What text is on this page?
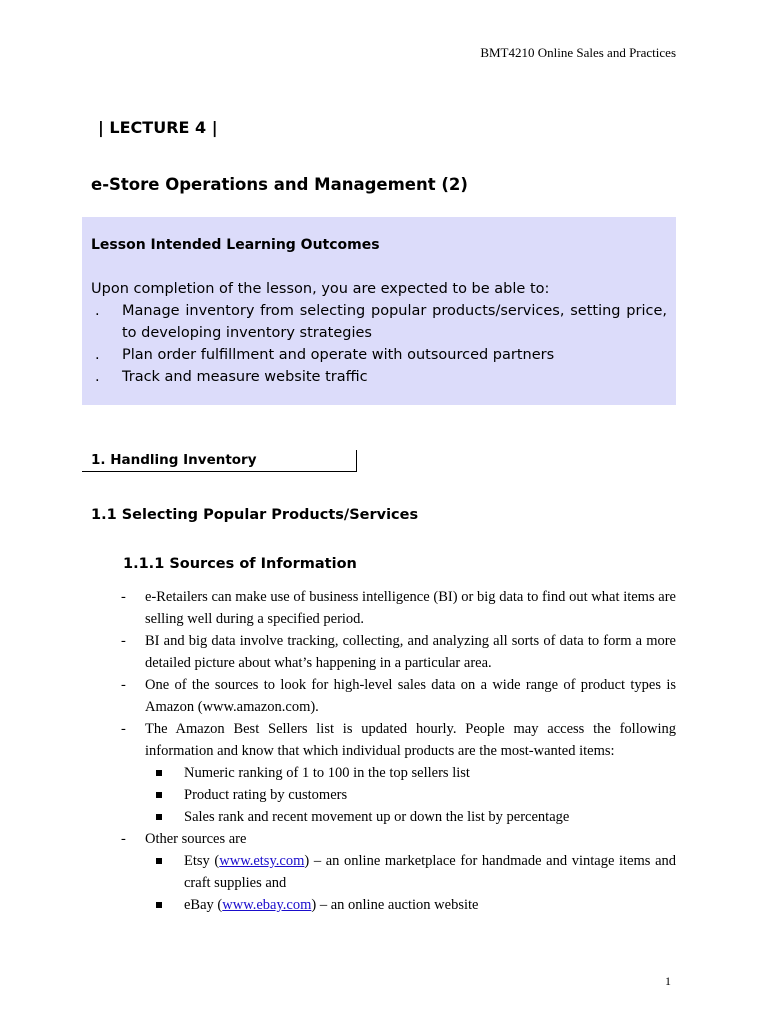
BMT4210 Online Sales and Practices
| LECTURE 4 |
e-Store Operations and Management (2)
Lesson Intended Learning Outcomes
Upon completion of the lesson, you are expected to be able to:
. Manage inventory from selecting popular products/services, setting price, to developing inventory strategies
. Plan order fulfillment and operate with outsourced partners
. Track and measure website traffic
1. Handling Inventory
1.1 Selecting Popular Products/Services
1.1.1 Sources of Information
- e-Retailers can make use of business intelligence (BI) or big data to find out what items are selling well during a specified period.
- BI and big data involve tracking, collecting, and analyzing all sorts of data to form a more detailed picture about what’s happening in a particular area.
- One of the sources to look for high-level sales data on a wide range of product types is Amazon (www.amazon.com).
- The Amazon Best Sellers list is updated hourly. People may access the following information and know that which individual products are the most-wanted items:
Numeric ranking of 1 to 100 in the top sellers list
Product rating by customers
Sales rank and recent movement up or down the list by percentage
- Other sources are
Etsy (www.etsy.com) – an online marketplace for handmade and vintage items and craft supplies and
eBay (www.ebay.com) – an online auction website
1
